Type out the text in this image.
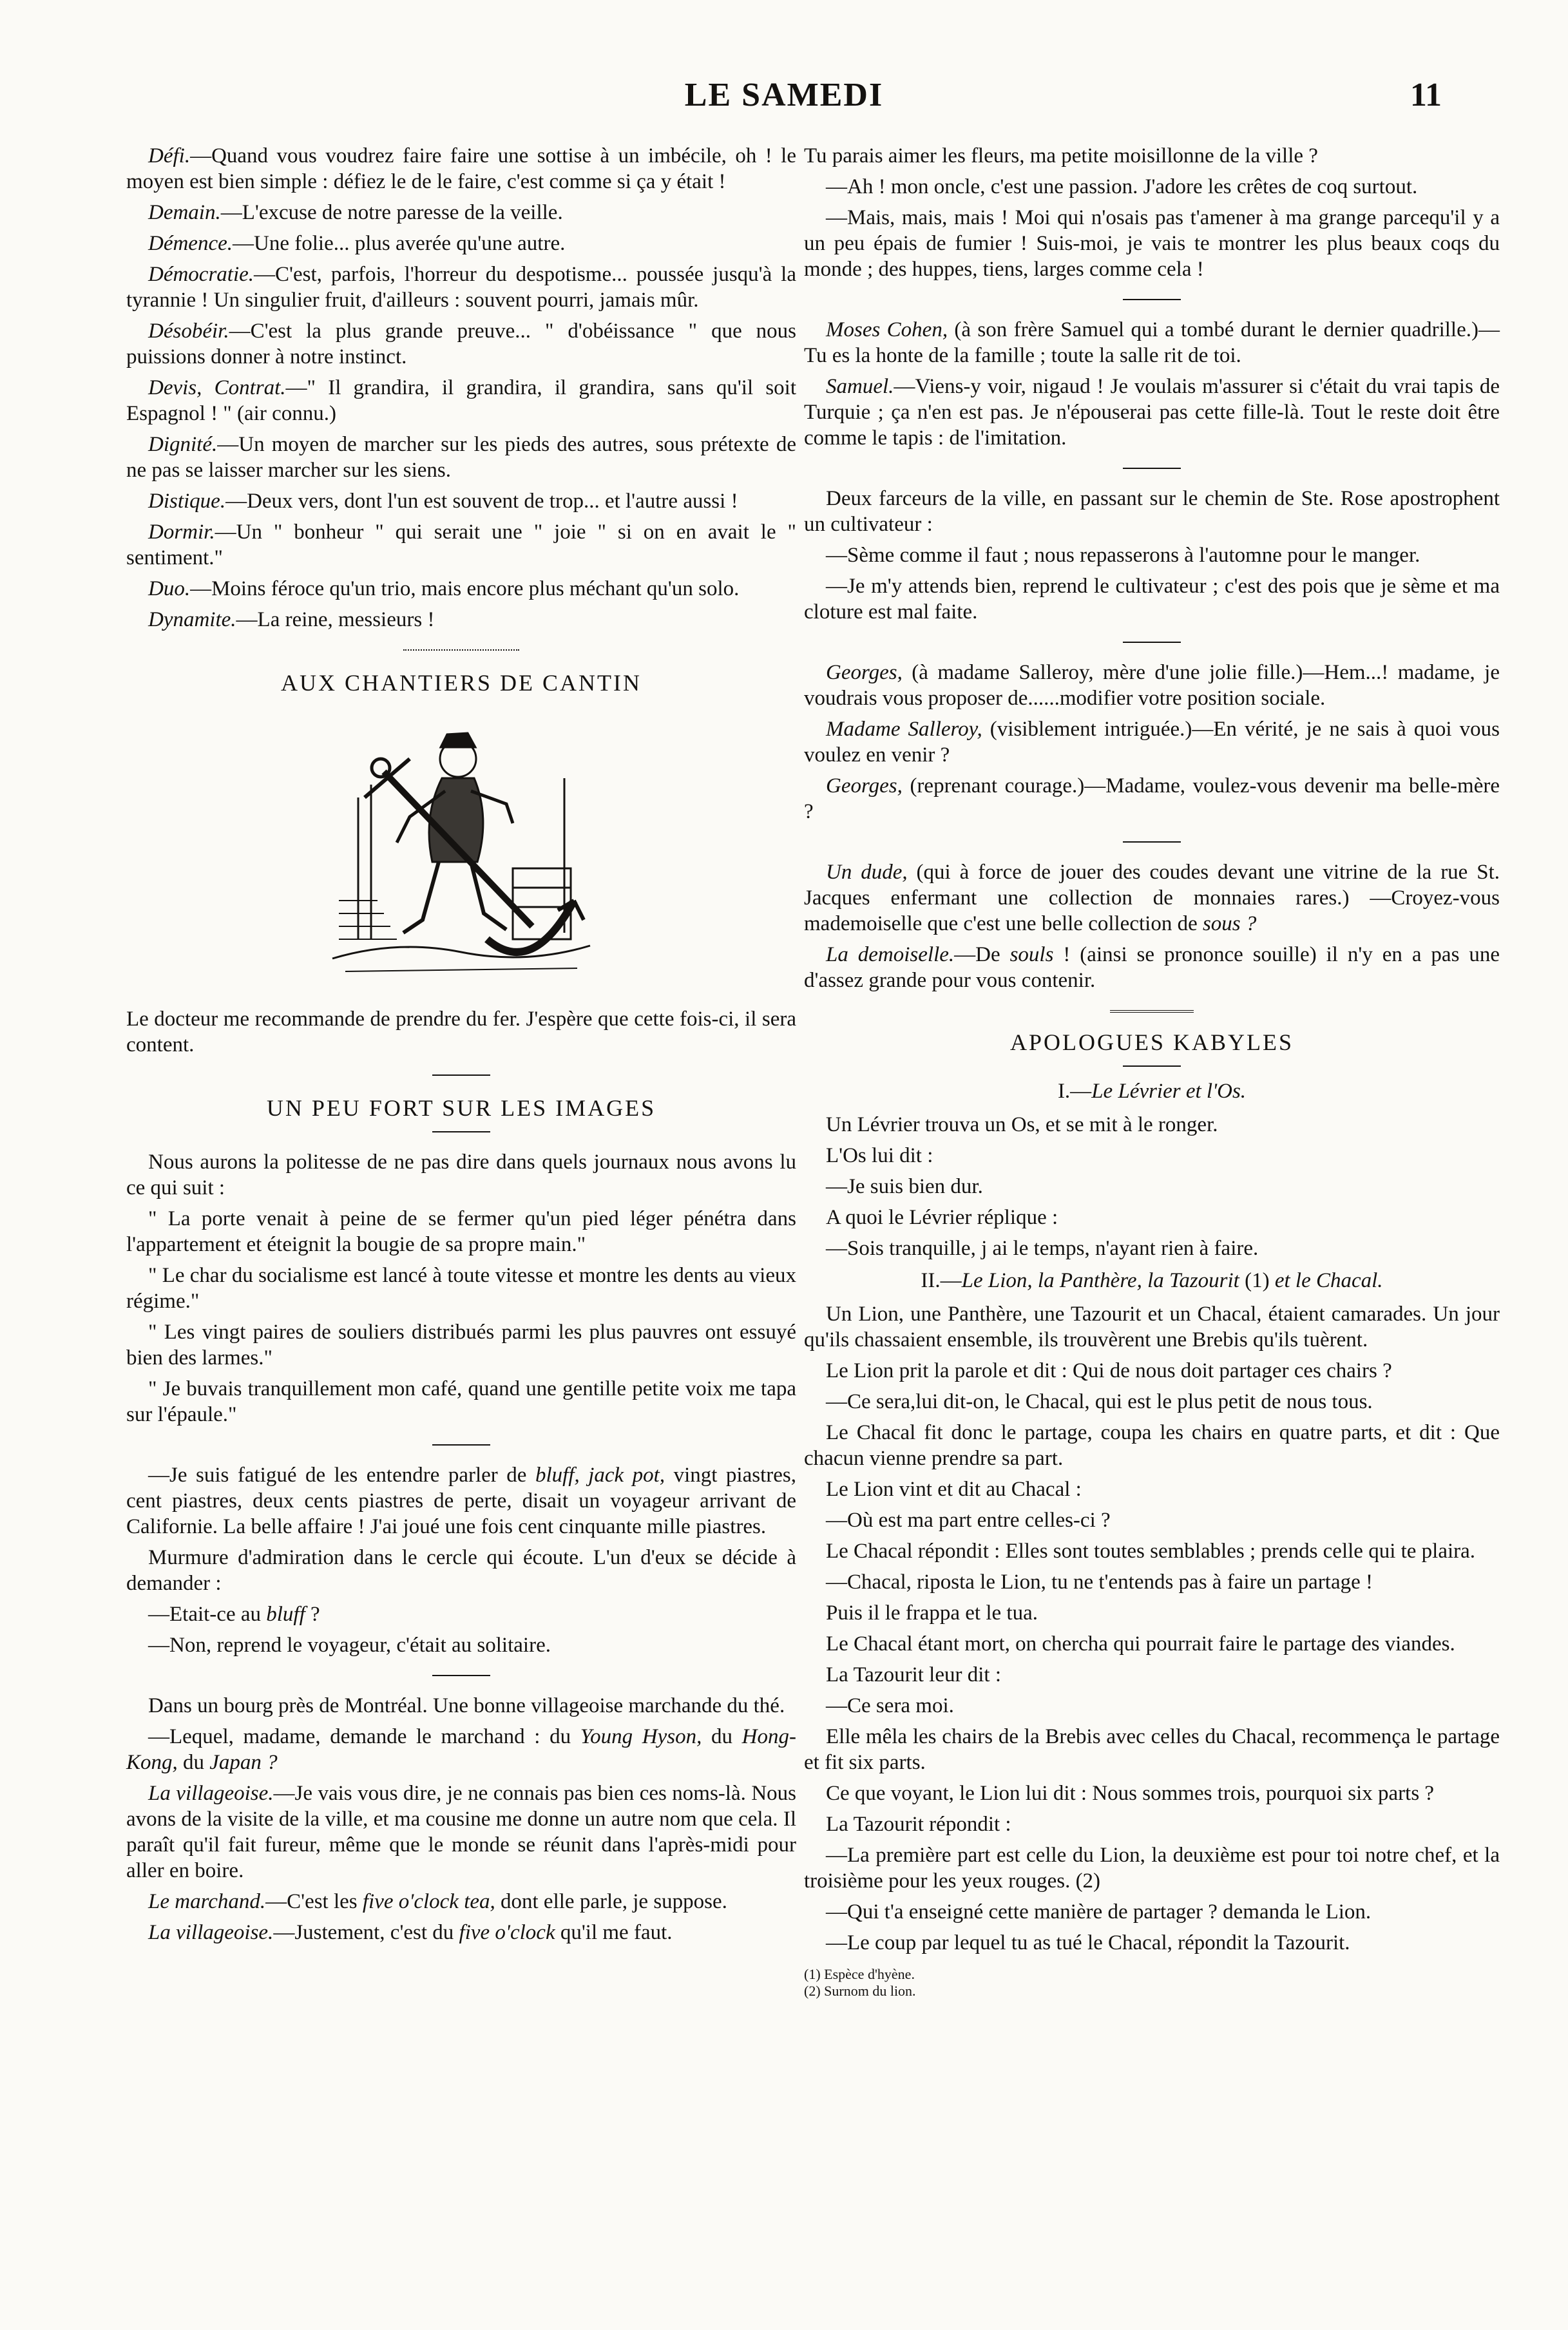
LE SAMEDI	11

Défi.—Quand vous voudrez faire faire une sottise à un imbécile, oh ! le moyen est bien simple : défiez le de le faire, c'est comme si ça y était !

Demain.—L'excuse de notre paresse de la veille.

Démence.—Une folie... plus averée qu'une autre.

Démocratie.—C'est, parfois, l'horreur du despotisme... poussée jusqu'à la tyrannie ! Un singulier fruit, d'ailleurs : souvent pourri, jamais mûr.

Désobéir.—C'est la plus grande preuve... " d'obéissance " que nous puissions donner à notre instinct.

Devis, Contrat.—" Il grandira, il grandira, il grandira, sans qu'il soit Espagnol ! " (air connu.)

Dignité.—Un moyen de marcher sur les pieds des autres, sous prétexte de ne pas se laisser marcher sur les siens.

Distique.—Deux vers, dont l'un est souvent de trop... et l'autre aussi !

Dormir.—Un " bonheur " qui serait une " joie " si on en avait le " sentiment."

Duo.—Moins féroce qu'un trio, mais encore plus méchant qu'un solo.

Dynamite.—La reine, messieurs !

AUX CHANTIERS DE CANTIN

Le docteur me recommande de prendre du fer. J'espère que cette fois-ci, il sera content.

UN PEU FORT SUR LES IMAGES

Nous aurons la politesse de ne pas dire dans quels journaux nous avons lu ce qui suit :

" La porte venait à peine de se fermer qu'un pied léger pénétra dans l'appartement et éteignit la bougie de sa propre main."

" Le char du socialisme est lancé à toute vitesse et montre les dents au vieux régime."

" Les vingt paires de souliers distribués parmi les plus pauvres ont essuyé bien des larmes."

" Je buvais tranquillement mon café, quand une gentille petite voix me tapa sur l'épaule."

—Je suis fatigué de les entendre parler de bluff, jack pot, vingt piastres, cent piastres, deux cents piastres de perte, disait un voyageur arrivant de Californie. La belle affaire ! J'ai joué une fois cent cinquante mille piastres.

Murmure d'admiration dans le cercle qui écoute. L'un d'eux se décide à demander :

—Etait-ce au bluff ?

—Non, reprend le voyageur, c'était au solitaire.

Dans un bourg près de Montréal. Une bonne villageoise marchande du thé.

—Lequel, madame, demande le marchand : du Young Hyson, du Hong-Kong, du Japan ?

La villageoise.—Je vais vous dire, je ne connais pas bien ces noms-là. Nous avons de la visite de la ville, et ma cousine me donne un autre nom que cela. Il paraît qu'il fait fureur, même que le monde se réunit dans l'après-midi pour aller en boire.

Le marchand.—C'est les five o'clock tea, dont elle parle, je suppose.

La villageoise.—Justement, c'est du five o'clock qu'il me faut.

Tu parais aimer les fleurs, ma petite moisillonne de la ville ?

—Ah ! mon oncle, c'est une passion. J'adore les crêtes de coq surtout.

—Mais, mais, mais ! Moi qui n'osais pas t'amener à ma grange parcequ'il y a un peu épais de fumier ! Suis-moi, je vais te montrer les plus beaux coqs du monde ; des huppes, tiens, larges comme cela !

Moses Cohen, (à son frère Samuel qui a tombé durant le dernier quadrille.)—Tu es la honte de la famille ; toute la salle rit de toi.

Samuel.—Viens-y voir, nigaud ! Je voulais m'assurer si c'était du vrai tapis de Turquie ; ça n'en est pas. Je n'épouserai pas cette fille-là. Tout le reste doit être comme le tapis : de l'imitation.

Deux farceurs de la ville, en passant sur le chemin de Ste. Rose apostrophent un cultivateur :

—Sème comme il faut ; nous repasserons à l'automne pour le manger.

—Je m'y attends bien, reprend le cultivateur ; c'est des pois que je sème et ma cloture est mal faite.

Georges, (à madame Salleroy, mère d'une jolie fille.)—Hem...! madame, je voudrais vous proposer de......modifier votre position sociale.

Madame Salleroy, (visiblement intriguée.)—En vérité, je ne sais à quoi vous voulez en venir ?

Georges, (reprenant courage.)—Madame, voulez-vous devenir ma belle-mère ?

Un dude, (qui à force de jouer des coudes devant une vitrine de la rue St. Jacques enfermant une collection de monnaies rares.) —Croyez-vous mademoiselle que c'est une belle collection de sous ?

La demoiselle.—De souls ! (ainsi se prononce souille) il n'y en a pas une d'assez grande pour vous contenir.

APOLOGUES KABYLES
I.—Le Lévrier et l'Os.

Un Lévrier trouva un Os, et se mit à le ronger.

L'Os lui dit :

—Je suis bien dur.

A quoi le Lévrier réplique :

—Sois tranquille, j ai le temps, n'ayant rien à faire.

II.—Le Lion, la Panthère, la Tazourit (1) et le Chacal.

Un Lion, une Panthère, une Tazourit et un Chacal, étaient camarades. Un jour qu'ils chassaient ensemble, ils trouvèrent une Brebis qu'ils tuèrent.

Le Lion prit la parole et dit : Qui de nous doit partager ces chairs ?

—Ce sera,lui dit-on, le Chacal, qui est le plus petit de nous tous.

Le Chacal fit donc le partage, coupa les chairs en quatre parts, et dit : Que chacun vienne prendre sa part.

Le Lion vint et dit au Chacal :

—Où est ma part entre celles-ci ?

Le Chacal répondit : Elles sont toutes semblables ; prends celle qui te plaira.

—Chacal, riposta le Lion, tu ne t'entends pas à faire un partage !

Puis il le frappa et le tua.

Le Chacal étant mort, on chercha qui pourrait faire le partage des viandes.

La Tazourit leur dit :

—Ce sera moi.

Elle mêla les chairs de la Brebis avec celles du Chacal, recommença le partage et fit six parts.

Ce que voyant, le Lion lui dit : Nous sommes trois, pourquoi six parts ?

La Tazourit répondit :

—La première part est celle du Lion, la deuxième est pour toi notre chef, et la troisième pour les yeux rouges. (2)

—Qui t'a enseigné cette manière de partager ? demanda le Lion.

—Le coup par lequel tu as tué le Chacal, répondit la Tazourit.

(1) Espèce d'hyène.
(2) Surnom du lion.
